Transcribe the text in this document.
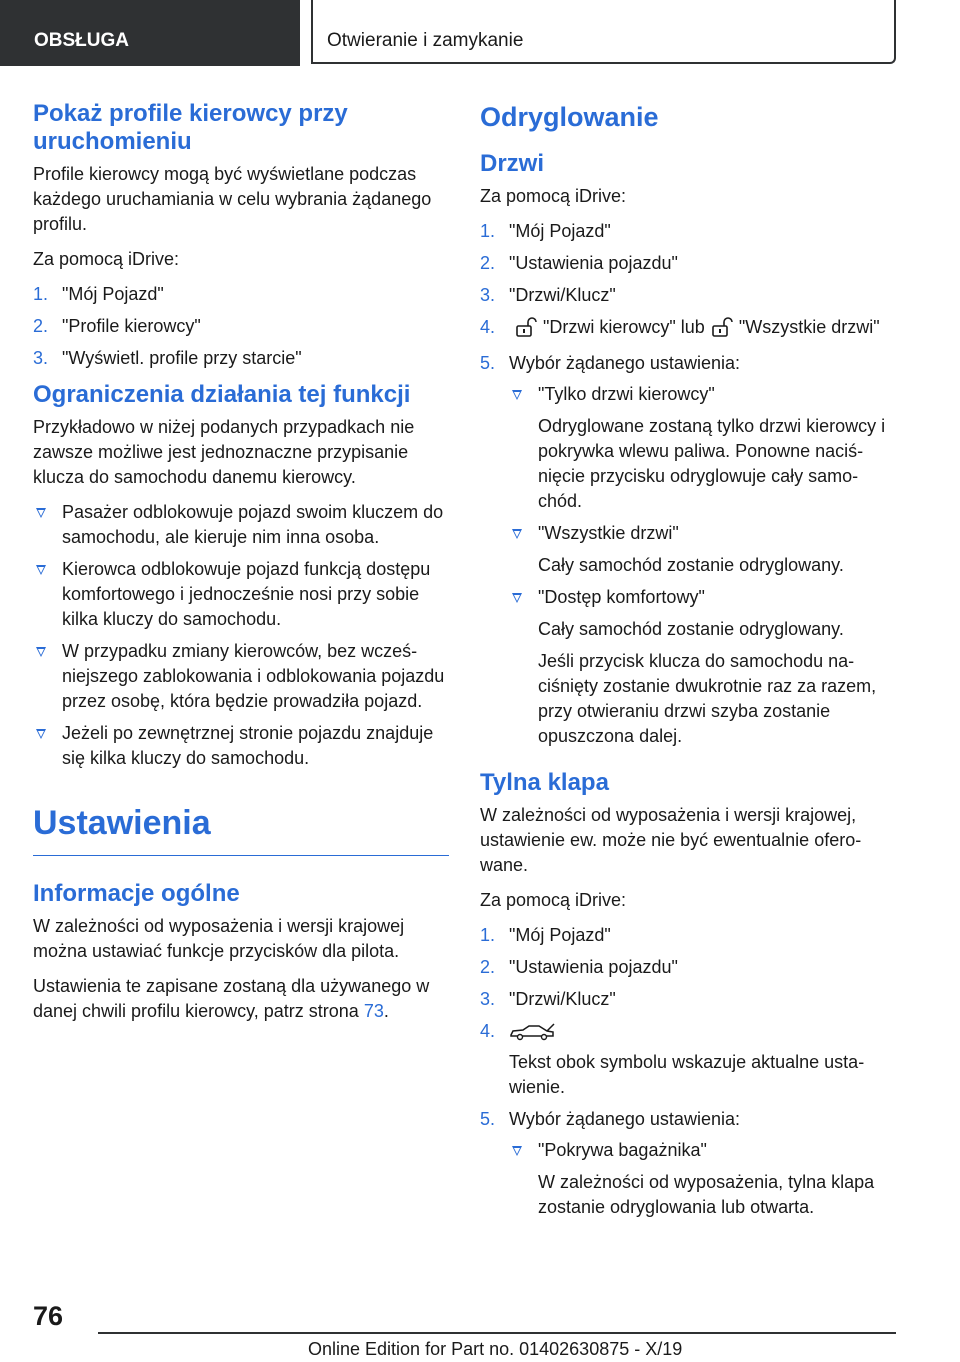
OBSŁUGA	Otwieranie i zamykanie
Pokaż profile kierowcy przy uruchomieniu

Profile kierowcy mogą być wyświetlane podczas każdego uruchamiania w celu wybrania żądanego profilu.

Za pomocą iDrive:

1. "Mój Pojazd"
2. "Profile kierowcy"
3. "Wyświetl. profile przy starcie"
Ograniczenia działania tej funkcji

Przykładowo w niżej podanych przypadkach nie zawsze możliwe jest jednoznaczne przypisanie klucza do samochodu danemu kierowcy.

Pasażer odblokowuje pojazd swoim kluczem do samochodu, ale kieruje nim inna osoba.
Kierowca odblokowuje pojazd funkcją dostępu komfortowego i jednocześnie nosi przy sobie kilka kluczy do samochodu.
W przypadku zmiany kierowców, bez wcześniejszego zablokowania i odblokowania pojazdu przez osobę, która będzie prowadziła pojazd.
Jeżeli po zewnętrznej stronie pojazdu znajduje się kilka kluczy do samochodu.
Ustawienia
Informacje ogólne

W zależności od wyposażenia i wersji krajowej można ustawiać funkcje przycisków dla pilota.

Ustawienia te zapisane zostaną dla używanego w danej chwili profilu kierowcy, patrz strona 73.

Odryglowanie
Drzwi

Za pomocą iDrive:

1. "Mój Pojazd"
2. "Ustawienia pojazdu"
3. "Drzwi/Klucz"
4.	"Drzwi kierowcy" lub "Wszystkie drzwi"
5. Wybór żądanego ustawienia:

"Tylko drzwi kierowcy"

Odryglowane zostaną tylko drzwi kierowcy i pokrywka wlewu paliwa. Ponowne naciśnięcie przycisku odryglowuje cały samochód.

"Wszystkie drzwi"

Cały samochód zostanie odryglowany.

"Dostęp komfortowy"

Cały samochód zostanie odryglowany.

Jeśli przycisk klucza do samochodu naciśnięty zostanie dwukrotnie raz za razem, przy otwieraniu drzwi szyba zostanie opuszczona dalej.

Tylna klapa

W zależności od wyposażenia i wersji krajowej, ustawienie ew. może nie być ewentualnie oferowane.

Za pomocą iDrive:

1. "Mój Pojazd"
2. "Ustawienia pojazdu"
3. "Drzwi/Klucz"
4.

Tekst obok symbolu wskazuje aktualne ustawienie.

5. Wybór żądanego ustawienia:

"Pokrywa bagażnika"

W zależności od wyposażenia, tylna klapa zostanie odryglowania lub otwarta.

76
Online Edition for Part no. 01402630875 - X/19
